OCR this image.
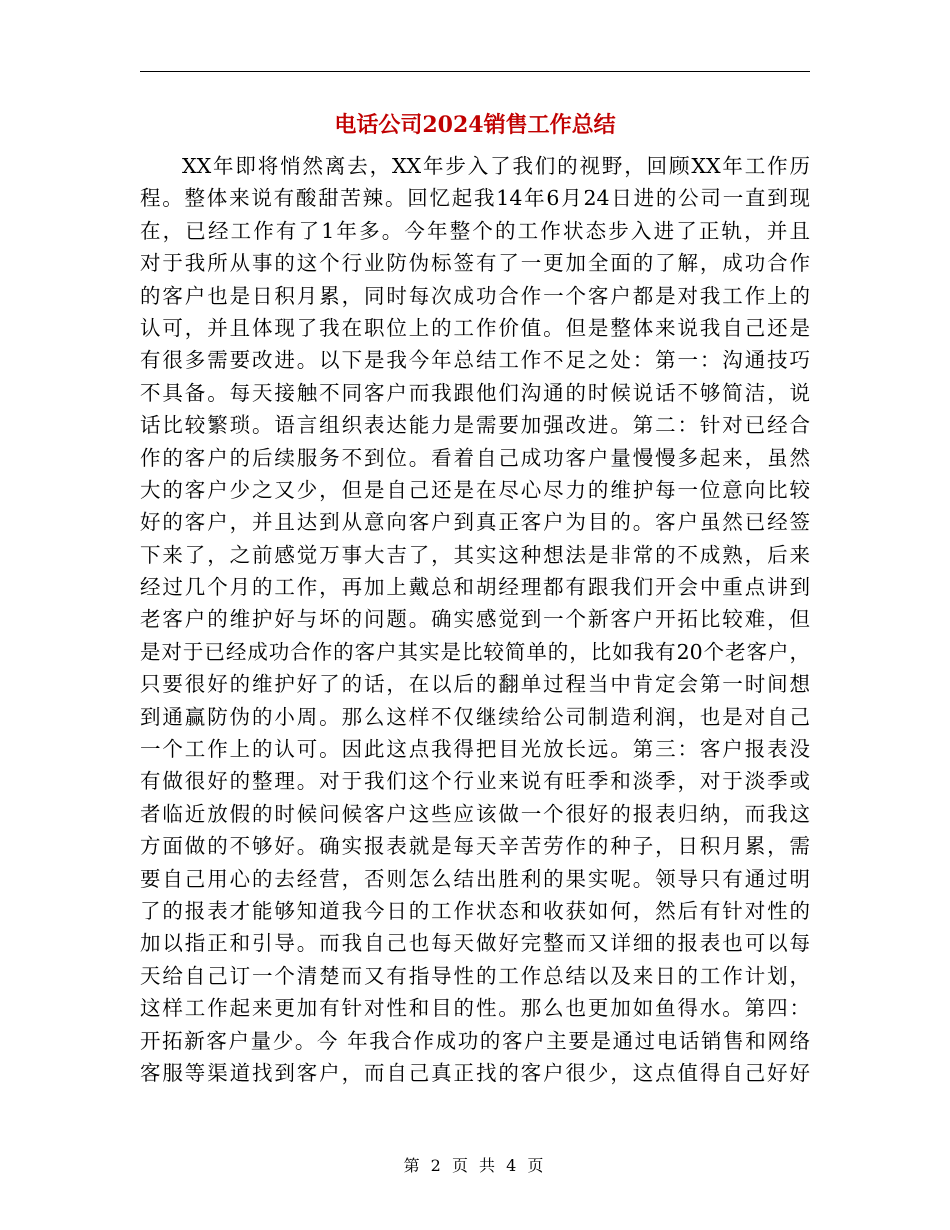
电话公司2024销售工作总结
XX年即将悄然离去，XX年步入了我们的视野，回顾XX年工作历
程。整体来说有酸甜苦辣。回忆起我14年6月24日进的公司一直到现
在，已经工作有了1年多。今年整个的工作状态步入进了正轨，并且
对于我所从事的这个行业防伪标签有了一更加全面的了解，成功合作
的客户也是日积月累，同时每次成功合作一个客户都是对我工作上的
认可，并且体现了我在职位上的工作价值。但是整体来说我自己还是
有很多需要改进。以下是我今年总结工作不足之处：第一：沟通技巧
不具备。每天接触不同客户而我跟他们沟通的时候说话不够简洁，说
话比较繁琐。语言组织表达能力是需要加强改进。第二：针对已经合
作的客户的后续服务不到位。看着自己成功客户量慢慢多起来，虽然
大的客户少之又少，但是自己还是在尽心尽力的维护每一位意向比较
好的客户，并且达到从意向客户到真正客户为目的。客户虽然已经签
下来了，之前感觉万事大吉了，其实这种想法是非常的不成熟，后来
经过几个月的工作，再加上戴总和胡经理都有跟我们开会中重点讲到
老客户的维护好与坏的问题。确实感觉到一个新客户开拓比较难，但
是对于已经成功合作的客户其实是比较简单的，比如我有20个老客户，
只要很好的维护好了的话，在以后的翻单过程当中肯定会第一时间想
到通赢防伪的小周。那么这样不仅继续给公司制造利润，也是对自己
一个工作上的认可。因此这点我得把目光放长远。第三：客户报表没
有做很好的整理。对于我们这个行业来说有旺季和淡季，对于淡季或
者临近放假的时候问候客户这些应该做一个很好的报表归纳，而我这
方面做的不够好。确实报表就是每天辛苦劳作的种子，日积月累，需
要自己用心的去经营，否则怎么结出胜利的果实呢。领导只有通过明
了的报表才能够知道我今日的工作状态和收获如何，然后有针对性的
加以指正和引导。而我自己也每天做好完整而又详细的报表也可以每
天给自己订一个清楚而又有指导性的工作总结以及来日的工作计划，
这样工作起来更加有针对性和目的性。那么也更加如鱼得水。第四：
开拓新客户量少。今 年我合作成功的客户主要是通过电话销售和网络
客服等渠道找到客户，而自己真正找的客户很少，这点值得自己好好
第 2 页 共 4 页
